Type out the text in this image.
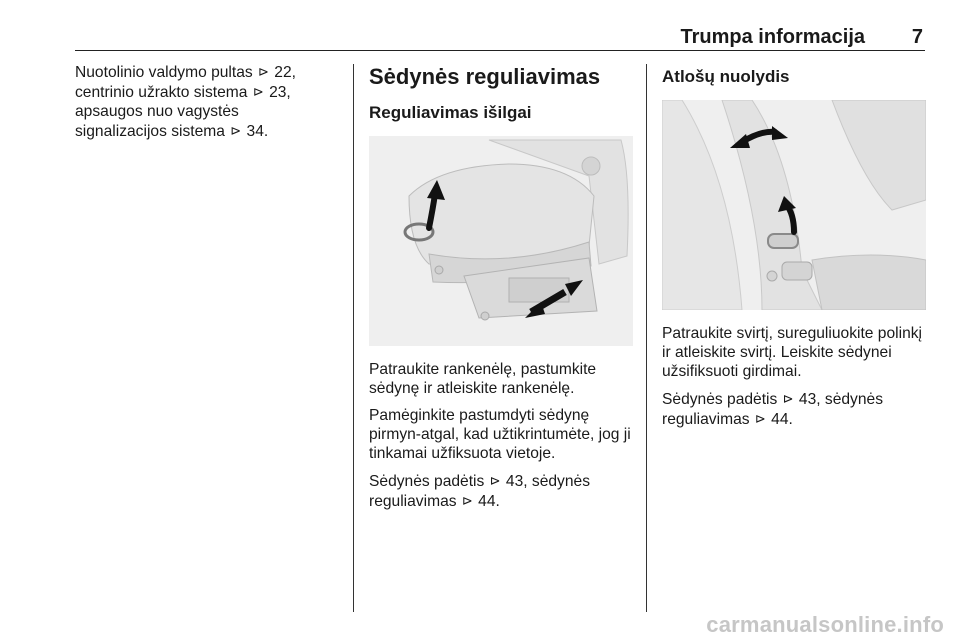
Trumpa informacija 7
Nuotolinio valdymo pultas ⊳ 22,
centrinio užrakto sistema ⊳ 23,
apsaugos nuo vagystės
signalizacijos sistema ⊳ 34.
Sėdynės reguliavimas
Reguliavimas išilgai

Patraukite rankenėlę, pastumkite sėdynę ir atleiskite rankenėlę.

Pamėginkite pastumdyti sėdynę pirmyn-atgal, kad užtikrintumėte, jog ji tinkamai užfiksuota vietoje.

Sėdynės padėtis ⊳ 43, sėdynės reguliavimas ⊳ 44.

Atlošų nuolydis

Patraukite svirtį, sureguliuokite polinkį ir atleiskite svirtį. Leiskite sėdynei užsifiksuoti girdimai.

Sėdynės padėtis ⊳ 43, sėdynės reguliavimas ⊳ 44.

carmanualsonline.info
